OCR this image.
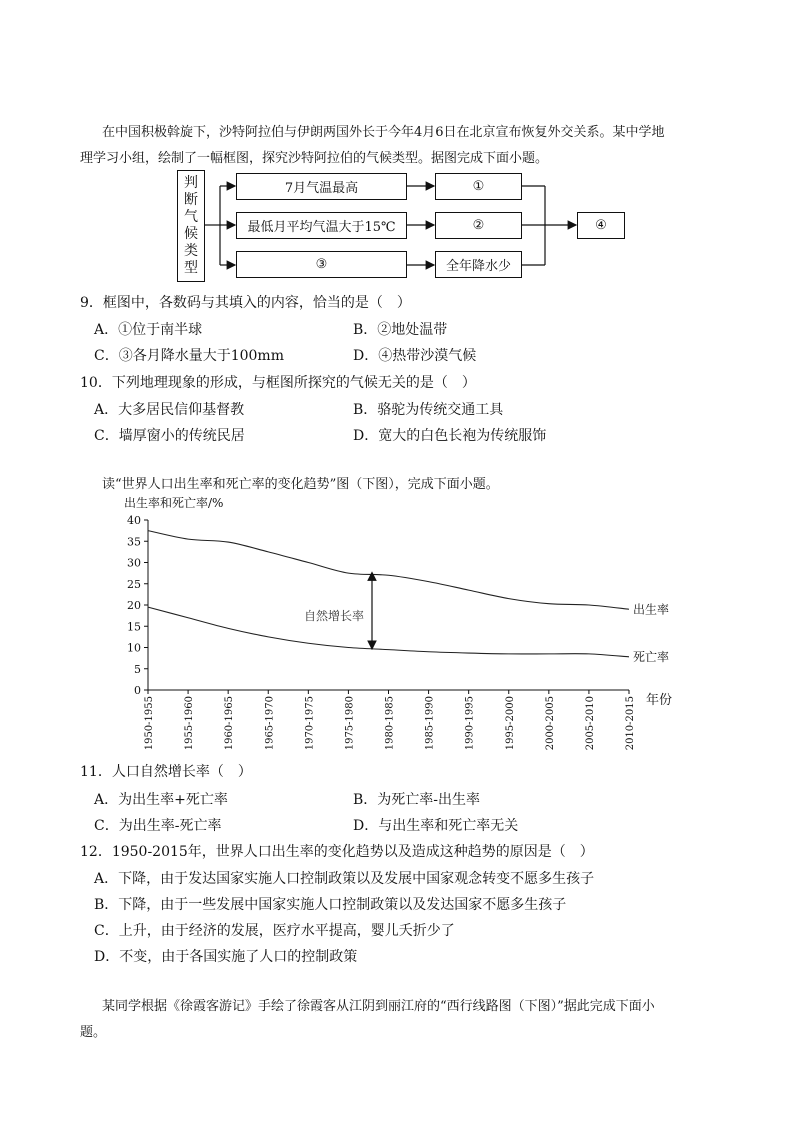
在中国积极斡旋下，沙特阿拉伯与伊朗两国外长于今年4月6日在北京宣布恢复外交关系。某中学地
理学习小组，绘制了一幅框图，探究沙特阿拉伯的气候类型。据图完成下面小题。
判
断
气
候
类
型
7月气温最高
最低月平均气温大于15℃
③
①
②
全年降水少
④
9．框图中，各数码与其填入的内容，恰当的是（　）
A．①位于南半球	B．②地处温带
C．③各月降水量大于100mm	D．④热带沙漠气候
10．下列地理现象的形成，与框图所探究的气候无关的是（　）
A．大多居民信仰基督教	B．骆驼为传统交通工具
C．墙厚窗小的传统民居	D．宽大的白色长袍为传统服饰
读“世界人口出生率和死亡率的变化趋势”图（下图），完成下面小题。
0
5
10
15
20
25
30
35
40
出生率和死亡率/%
1950-1955	1955-1960	1960-1965	1965-1970	1970-1975	1975-1980	1980-1985	1985-1990	1990-1995	1995-2000	2000-2005	2005-2010	2010-2015 年份
出生率
死亡率
自然增长率
11．人口自然增长率（　）
A．为出生率+死亡率	B．为死亡率-出生率
C．为出生率-死亡率	D．与出生率和死亡率无关
12．1950-2015年，世界人口出生率的变化趋势以及造成这种趋势的原因是（　）
A．下降，由于发达国家实施人口控制政策以及发展中国家观念转变不愿多生孩子
B．下降，由于一些发展中国家实施人口控制政策以及发达国家不愿多生孩子
C．上升，由于经济的发展，医疗水平提高，婴儿夭折少了
D．不变，由于各国实施了人口的控制政策
某同学根据《徐霞客游记》手绘了徐霞客从江阴到丽江府的“西行线路图（下图）”据此完成下面小
题。
